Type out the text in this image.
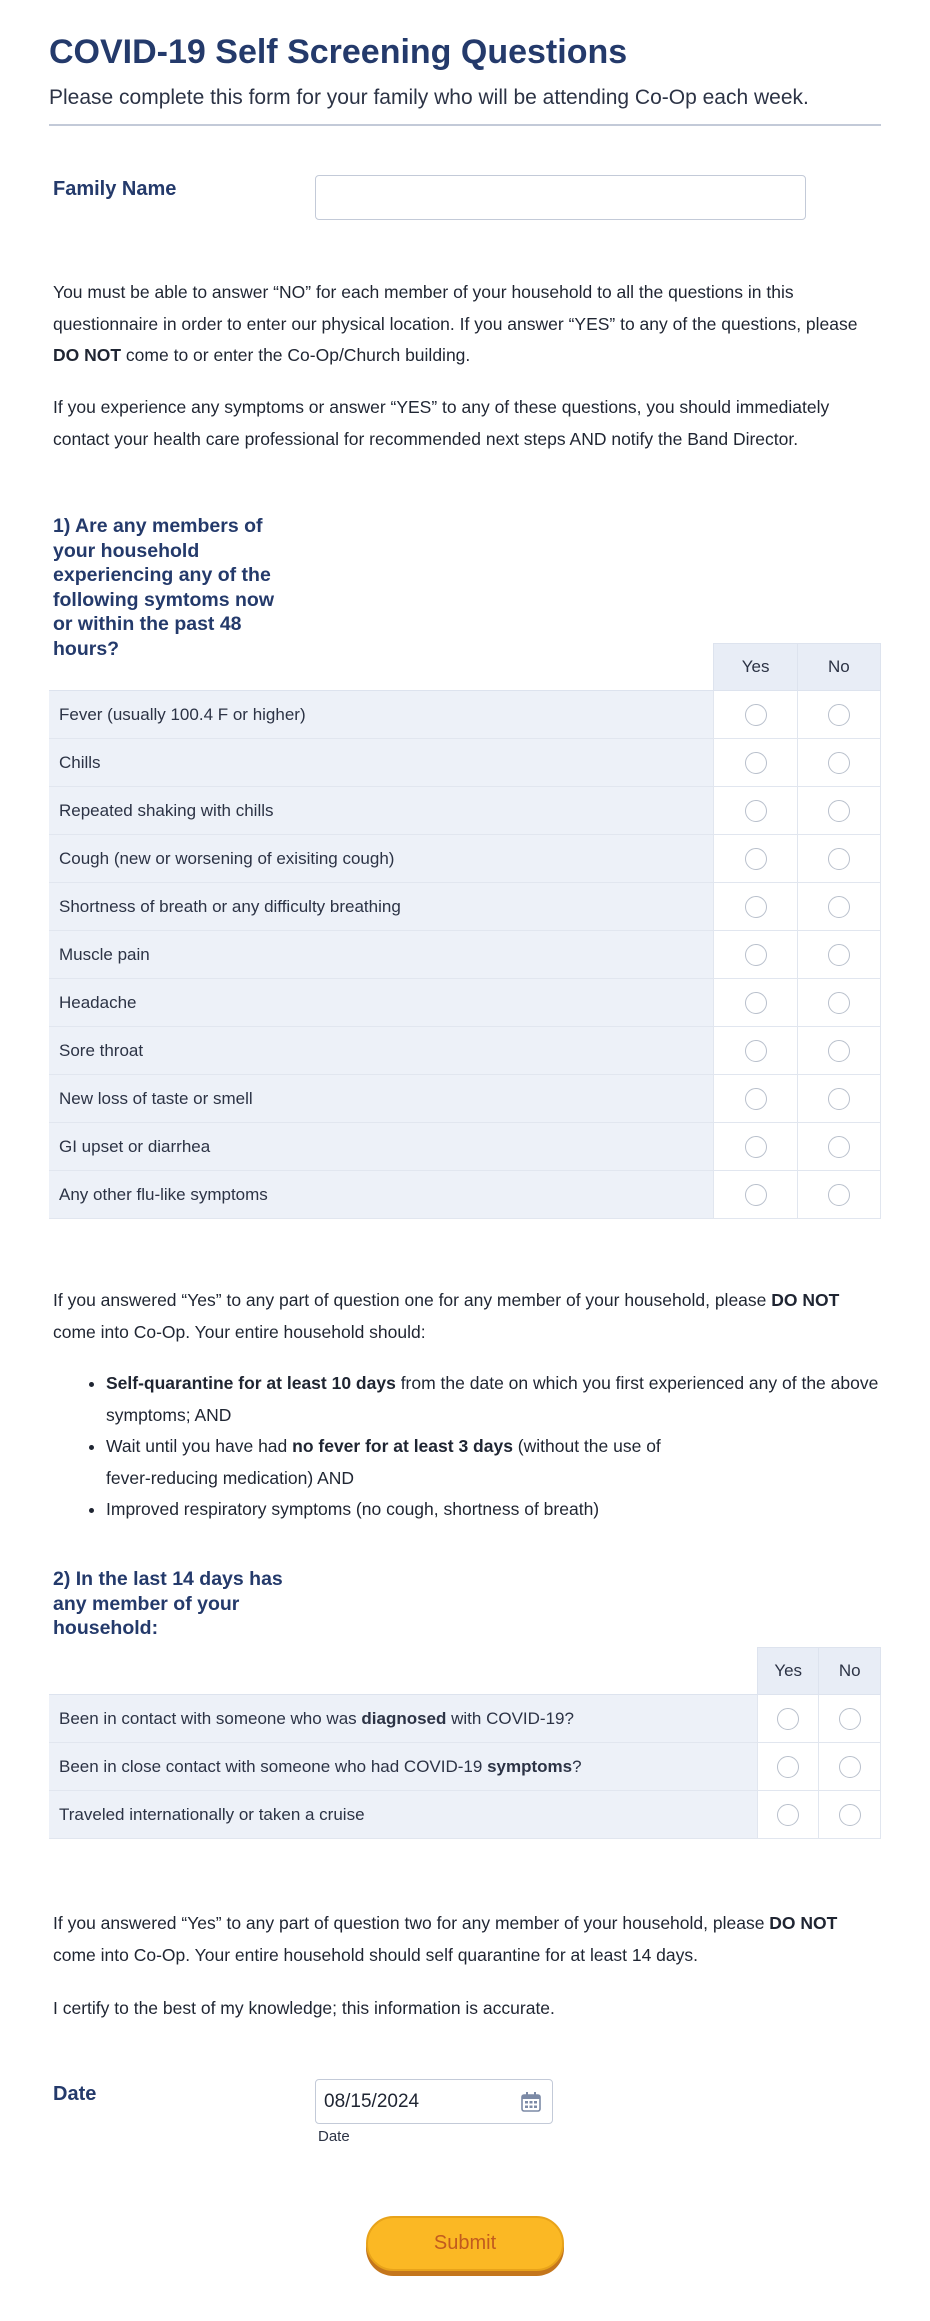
COVID-19 Self Screening Questions
Please complete this form for your family who will be attending Co-Op each week.
Family Name
You must be able to answer “NO” for each member of your household to all the questions in this questionnaire in order to enter our physical location. If you answer “YES” to any of the questions, please DO NOT come to or enter the Co-Op/Church building.
If you experience any symptoms or answer “YES” to any of these questions, you should immediately contact your health care professional for recommended next steps AND notify the Band Director.
1) Are any members of your household experiencing any of the following symtoms now or within the past 48 hours?
	Yes	No
Fever (usually 100.4 F or higher)		
Chills		
Repeated shaking with chills		
Cough (new or worsening of exisiting cough)		
Shortness of breath or any difficulty breathing		
Muscle pain		
Headache		
Sore throat		
New loss of taste or smell		
GI upset or diarrhea		
Any other flu-like symptoms		
If you answered “Yes” to any part of question one for any member of your household, please DO NOT come into Co-Op. Your entire household should:
• Self-quarantine for at least 10 days from the date on which you first experienced any of the above symptoms; AND
• Wait until you have had no fever for at least 3 days (without the use of fever-reducing medication) AND
• Improved respiratory symptoms (no cough, shortness of breath)
2) In the last 14 days has any member of your household:
	Yes	No
Been in contact with someone who was diagnosed with COVID-19?		
Been in close contact with someone who had COVID-19 symptoms?		
Traveled internationally or taken a cruise		
If you answered “Yes” to any part of question two for any member of your household, please DO NOT come into Co-Op. Your entire household should self quarantine for at least 14 days.
I certify to the best of my knowledge; this information is accurate.
Date	08/15/2024
Date
Submit
